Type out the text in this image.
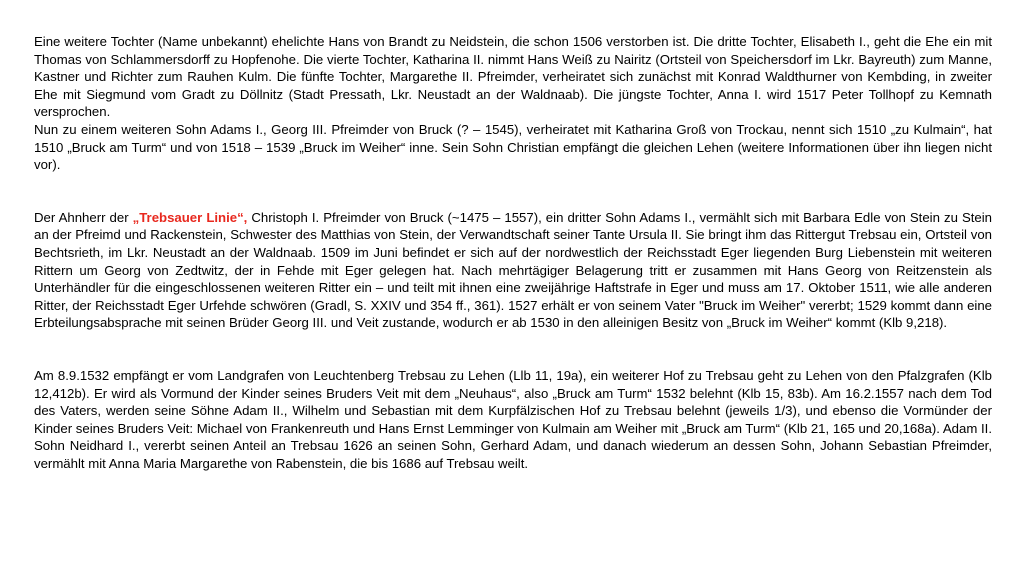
Eine weitere Tochter (Name unbekannt) ehelichte Hans von Brandt zu Neidstein, die schon 1506 verstorben ist. Die dritte Tochter, Elisabeth I., geht die Ehe ein mit Thomas von Schlammersdorff zu Hopfenohe. Die vierte Tochter, Katharina II. nimmt Hans Weiß zu Nairitz (Ortsteil von Speichersdorf im Lkr. Bayreuth) zum Manne, Kastner und Richter zum Rauhen Kulm. Die fünfte Tochter, Margarethe II. Pfreimder, verheiratet sich zunächst mit Konrad Waldthurner von Kembding, in zweiter Ehe mit Siegmund vom Gradt zu Döllnitz (Stadt Pressath, Lkr. Neustadt an der Waldnaab). Die jüngste Tochter, Anna I. wird 1517 Peter Tollhopf zu Kemnath versprochen.

Nun zu einem weiteren Sohn Adams I., Georg III. Pfreimder von Bruck (? – 1545), verheiratet mit Katharina Groß von Trockau, nennt sich 1510 „zu Kulmain“, hat 1510 „Bruck am Turm“ und von 1518 – 1539 „Bruck im Weiher“ inne. Sein Sohn Christian empfängt die gleichen Lehen (weitere Informationen über ihn liegen nicht vor).

Der Ahnherr der „Trebsauer Linie“, Christoph I. Pfreimder von Bruck (~1475 – 1557), ein dritter Sohn Adams I., vermählt sich mit Barbara Edle von Stein zu Stein an der Pfreimd und Rackenstein, Schwester des Matthias von Stein, der Verwandtschaft seiner Tante Ursula II. Sie bringt ihm das Rittergut Trebsau ein, Ortsteil von Bechtsrieth, im Lkr. Neustadt an der Waldnaab. 1509 im Juni befindet er sich auf der nordwestlich der Reichsstadt Eger liegenden Burg Liebenstein mit weiteren Rittern um Georg von Zedtwitz, der in Fehde mit Eger gelegen hat. Nach mehrtägiger Belagerung tritt er zusammen mit Hans Georg von Reitzenstein als Unterhändler für die eingeschlossenen weiteren Ritter ein – und teilt mit ihnen eine zweijährige Haftstrafe in Eger und muss am 17. Oktober 1511, wie alle anderen Ritter, der Reichsstadt Eger Urfehde schwören (Gradl, S. XXIV und 354 ff., 361). 1527 erhält er von seinem Vater "Bruck im Weiher" vererbt; 1529 kommt dann eine Erbteilungsabsprache mit seinen Brüder Georg III. und Veit zustande, wodurch er ab 1530 in den alleinigen Besitz von „Bruck im Weiher“ kommt (Klb 9,218).

Am 8.9.1532 empfängt er vom Landgrafen von Leuchtenberg Trebsau zu Lehen (Llb 11, 19a), ein weiterer Hof zu Trebsau geht zu Lehen von den Pfalzgrafen (Klb 12,412b). Er wird als Vormund der Kinder seines Bruders Veit mit dem „Neuhaus“, also „Bruck am Turm“ 1532 belehnt (Klb 15, 83b). Am 16.2.1557 nach dem Tod des Vaters, werden seine Söhne Adam II., Wilhelm und Sebastian mit dem Kurpfälzischen Hof zu Trebsau belehnt (jeweils 1/3), und ebenso die Vormünder der Kinder seines Bruders Veit: Michael von Frankenreuth und Hans Ernst Lemminger von Kulmain am Weiher mit „Bruck am Turm“ (Klb 21, 165 und 20,168a). Adam II. Sohn Neidhard I., vererbt seinen Anteil an Trebsau 1626 an seinen Sohn, Gerhard Adam, und danach wiederum an dessen Sohn, Johann Sebastian Pfreimder, vermählt mit Anna Maria Margarethe von Rabenstein, die bis 1686 auf Trebsau weilt.
